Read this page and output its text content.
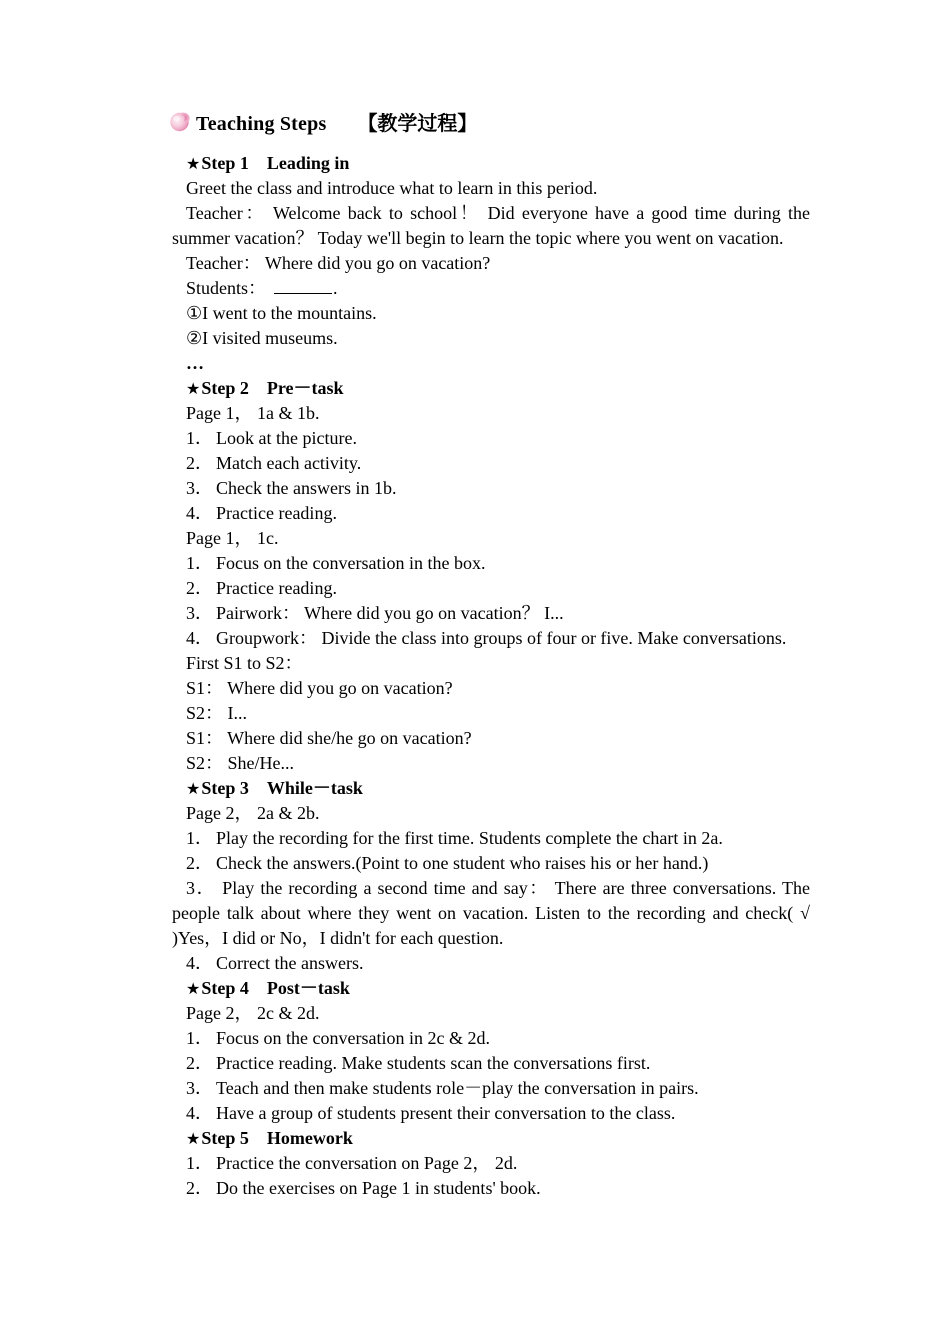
Teaching Steps 【教学过程】
★Step 1 Leading in

Greet the class and introduce what to learn in this period.

Teacher： Welcome back to school！ Did everyone have a good time during the summer vacation？ Today we'll begin to learn the topic where you went on vacation.

Teacher： Where did you go on vacation?

Students：	.

①I went to the mountains.

②I visited museums.

…

★Step 2 Pre－task

Page 1， 1a & 1b.

1． Look at the picture.

2． Match each activity.

3． Check the answers in 1b.

4． Practice reading.

Page 1， 1c.

1． Focus on the conversation in the box.

2． Practice reading.

3． Pairwork： Where did you go on vacation？ I...

4． Groupwork： Divide the class into groups of four or five. Make conversations.

First S1 to S2：

S1： Where did you go on vacation?

S2： I...

S1： Where did she/he go on vacation?

S2： She/He...

★Step 3 While－task

Page 2， 2a & 2b.

1． Play the recording for the first time. Students complete the chart in 2a.

2． Check the answers.(Point to one student who raises his or her hand.)

3． Play the recording a second time and say： There are three conversations. The people talk about where they went on vacation. Listen to the recording and check( √ )Yes，I did or No，I didn't for each question.

4． Correct the answers.

★Step 4 Post－task

Page 2， 2c & 2d.

1． Focus on the conversation in 2c & 2d.

2． Practice reading. Make students scan the conversations first.

3． Teach and then make students role－play the conversation in pairs.

4． Have a group of students present their conversation to the class.

★Step 5 Homework

1． Practice the conversation on Page 2， 2d.

2． Do the exercises on Page 1 in students' book.
